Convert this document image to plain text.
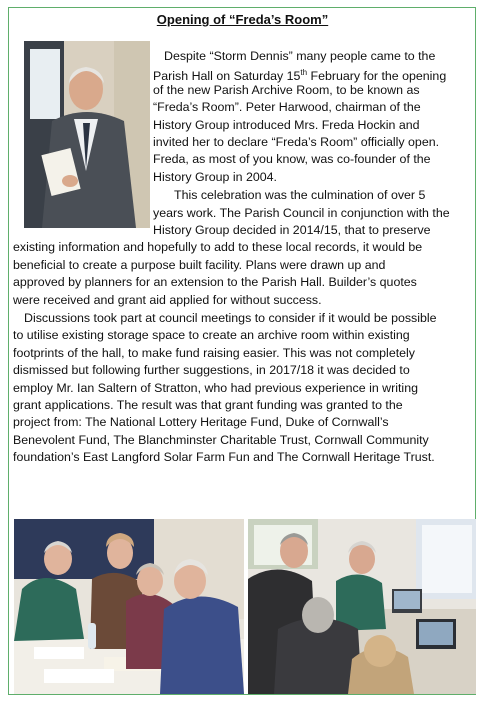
Opening of “Freda’s Room”
Despite “Storm Dennis” many people came to the
Parish Hall on Saturday 15th February for the opening
of the new Parish Archive Room, to be known as
“Freda’s Room”. Peter Harwood, chairman of the
History Group introduced Mrs. Freda Hockin and
invited her to declare “Freda’s Room” officially open.
Freda, as most of you know, was co-founder of the
History Group in 2004.
This celebration was the culmination of over 5
years work. The Parish Council in conjunction with the
History Group decided in 2014/15, that to preserve
existing information and hopefully to add to these local records, it would be
beneficial to create a purpose built facility. Plans were drawn up and
approved by planners for an extension to the Parish Hall. Builder’s quotes
were received and grant aid applied for without success.
Discussions took part at council meetings to consider if it would be possible
to utilise existing storage space to create an archive room within existing
footprints of the hall, to make fund raising easier. This was not completely
dismissed but following further suggestions, in 2017/18 it was decided to
employ Mr. Ian Saltern of Stratton, who had previous experience in writing
grant applications. The result was that grant funding was granted to the
project from: The National Lottery Heritage Fund, Duke of Cornwall’s
Benevolent Fund, The Blanchminster Charitable Trust, Cornwall Community
foundation’s East Langford Solar Farm Fun and The Cornwall Heritage Trust.
